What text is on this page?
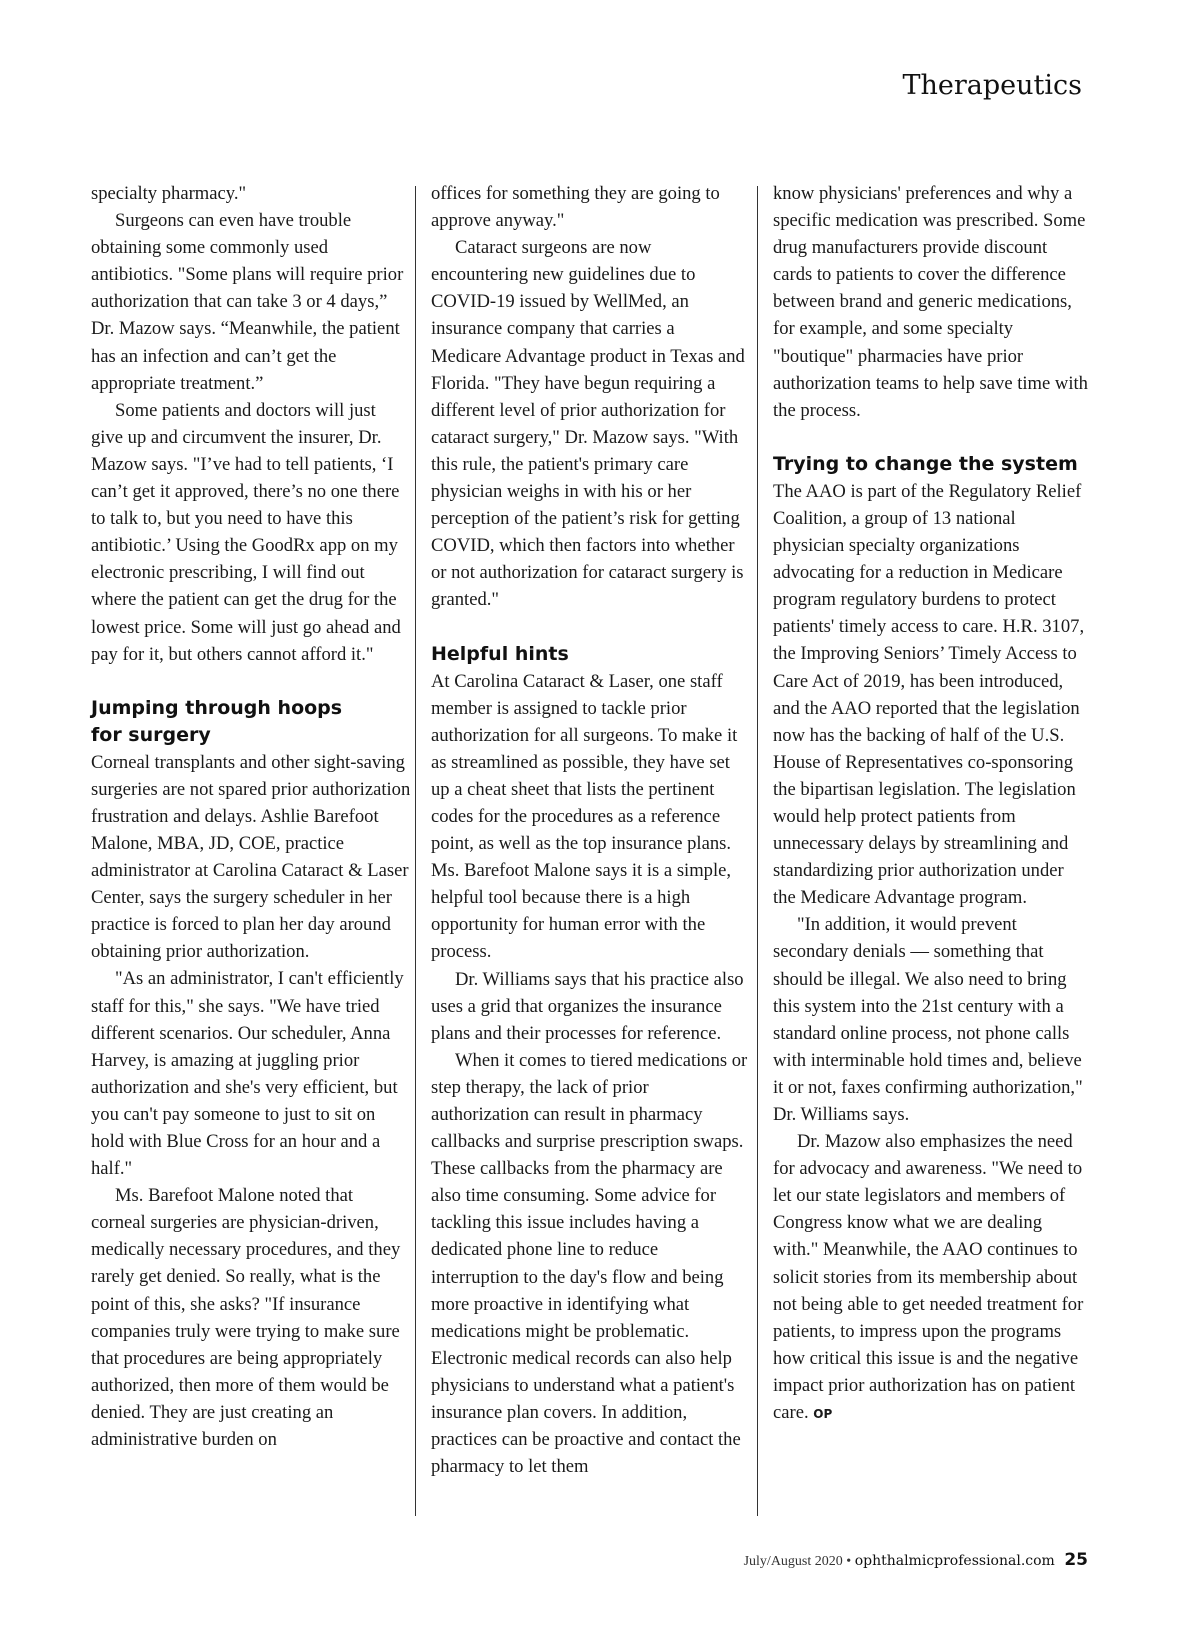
Therapeutics

specialty pharmacy."

Surgeons can even have trouble obtaining some commonly used antibiotics. "Some plans will require prior authorization that can take 3 or 4 days,” Dr. Mazow says. “Meanwhile, the patient has an infection and can’t get the appropriate treatment.”

Some patients and doctors will just give up and circumvent the insurer, Dr. Mazow says. "I’ve had to tell patients, ‘I can’t get it approved, there’s no one there to talk to, but you need to have this antibiotic.’ Using the GoodRx app on my electronic prescribing, I will find out where the patient can get the drug for the lowest price. Some will just go ahead and pay for it, but others cannot afford it."

Jumping through hoops
for surgery

Corneal transplants and other sight-saving surgeries are not spared prior authorization frustration and delays. Ashlie Barefoot Malone, MBA, JD, COE, practice administrator at Carolina Cataract & Laser Center, says the surgery scheduler in her practice is forced to plan her day around obtaining prior authorization.

"As an administrator, I can't efficiently staff for this," she says. "We have tried different scenarios. Our scheduler, Anna Harvey, is amazing at juggling prior authorization and she's very efficient, but you can't pay someone to just to sit on hold with Blue Cross for an hour and a half."

Ms. Barefoot Malone noted that corneal surgeries are physician-driven, medically necessary procedures, and they rarely get denied. So really, what is the point of this, she asks? "If insurance companies truly were trying to make sure that procedures are being appropriately authorized, then more of them would be denied. They are just creating an administrative burden on

offices for something they are going to approve anyway."

Cataract surgeons are now encountering new guidelines due to COVID-19 issued by WellMed, an insurance company that carries a Medicare Advantage product in Texas and Florida. "They have begun requiring a different level of prior authorization for cataract surgery," Dr. Mazow says. "With this rule, the patient's primary care physician weighs in with his or her perception of the patient’s risk for getting COVID, which then factors into whether or not authorization for cataract surgery is granted."

Helpful hints

At Carolina Cataract & Laser, one staff member is assigned to tackle prior authorization for all surgeons. To make it as streamlined as possible, they have set up a cheat sheet that lists the pertinent codes for the procedures as a reference point, as well as the top insurance plans. Ms. Barefoot Malone says it is a simple, helpful tool because there is a high opportunity for human error with the process.

Dr. Williams says that his practice also uses a grid that organizes the insurance plans and their processes for reference.

When it comes to tiered medications or step therapy, the lack of prior authorization can result in pharmacy callbacks and surprise prescription swaps. These callbacks from the pharmacy are also time consuming. Some advice for tackling this issue includes having a dedicated phone line to reduce interruption to the day's flow and being more proactive in identifying what medications might be problematic. Electronic medical records can also help physicians to understand what a patient's insurance plan covers. In addition, practices can be proactive and contact the pharmacy to let them

know physicians' preferences and why a specific medication was prescribed. Some drug manufacturers provide discount cards to patients to cover the difference between brand and generic medications, for example, and some specialty "boutique" pharmacies have prior authorization teams to help save time with the process.

Trying to change the system

The AAO is part of the Regulatory Relief Coalition, a group of 13 national physician specialty organizations advocating for a reduction in Medicare program regulatory burdens to protect patients' timely access to care. H.R. 3107, the Improving Seniors’ Timely Access to Care Act of 2019, has been introduced, and the AAO reported that the legislation now has the backing of half of the U.S. House of Representatives co-sponsoring the bipartisan legislation. The legislation would help protect patients from unnecessary delays by streamlining and standardizing prior authorization under the Medicare Advantage program.

"In addition, it would prevent secondary denials — something that should be illegal. We also need to bring this system into the 21st century with a standard online process, not phone calls with interminable hold times and, believe it or not, faxes confirming authorization," Dr. Williams says.

Dr. Mazow also emphasizes the need for advocacy and awareness. "We need to let our state legislators and members of Congress know what we are dealing with." Meanwhile, the AAO continues to solicit stories from its membership about not being able to get needed treatment for patients, to impress upon the programs how critical this issue is and the negative impact prior authorization has on patient care. OP

July/August 2020 • ophthalmicprofessional.com 25
